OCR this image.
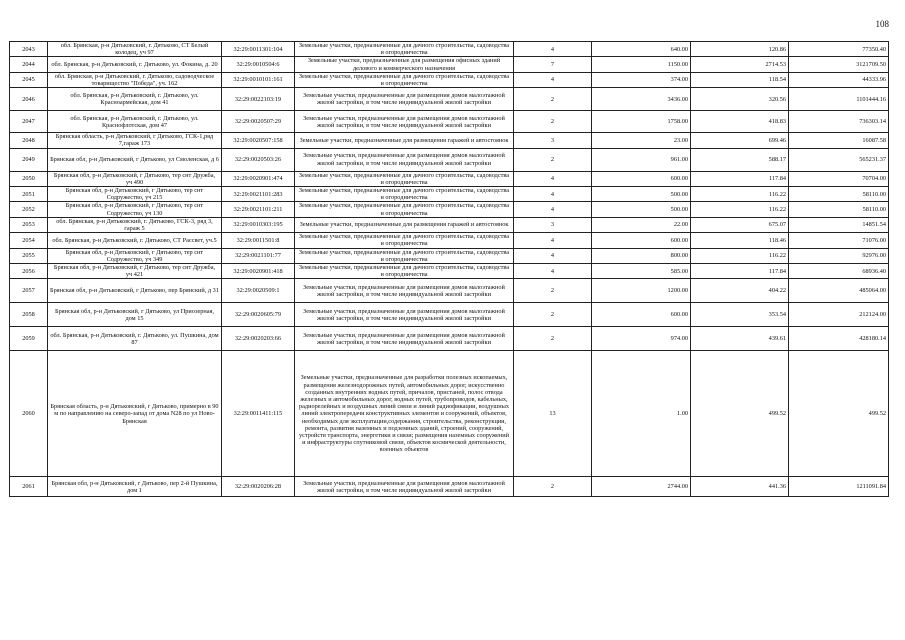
108
2043	обл. Брянская, р-н Дятьковский, г. Дятьково, СТ Белый колодец, уч 97	32:29:0011301:104	Земельные участки, предназначенные для дачного строительства, садоводства и огородничества	4	640.00	120.86	77350.40
2044	обл. Брянская, р-н Дятьковский, г. Дятьково, ул. Фокина, д. 20	32:29:0010504:6	Земельные участки, предназначенные для размещения офисных зданий делового и коммерческого назначения	7	1150.00	2714.53	3121709.50
2045	обл. Брянская, р-н Дятьковский, г. Дятьково, садоводческое товарищество "Победа", уч. 162	32:29:0010101:161	Земельные участки, предназначенные для дачного строительства, садоводства и огородничества	4	374.00	118.54	44333.96
2046	обл. Брянская, р-н Дятьковский, г. Дятьково, ул. Красноармейская, дом 41	32:29:0022103:19	Земельные участки, предназначенные для размещения домов малоэтажной жилой застройки, в том числе индивидуальной жилой застройки	2	3436.00	320.56	1101444.16
2047	обл. Брянская, р-н Дятьковский, г. Дятьково, ул. Краснофлотская, дом 47	32:29:0020507:29	Земельные участки, предназначенные для размещения домов малоэтажной жилой застройки, в том числе индивидуальной жилой застройки	2	1758.00	418.83	736303.14
2048	Брянская область, р-н Дятьковский, г Дятьково, ГСК-1,ряд 7,гараж 173	32:29:0020507:158	Земельные участки, предназначенные для размещения гаражей и автостоянок	3	23.00	699.46	16087.58
2049	Брянская обл, р-н Дятьковский, г Дятьково, ул Смоленская, д 6	32:29:0020503:26	Земельные участки, предназначенные для размещения домов малоэтажной жилой застройки, в том числе индивидуальной жилой застройки	2	961.00	588.17	565231.37
2050	Брянская обл, р-н Дятьковский, г Дятьково, тер снт Дружба, уч 490	32:29:0020901:474	Земельные участки, предназначенные для дачного строительства, садоводства и огородничества	4	600.00	117.84	70704.00
2051	Брянская обл, р-н Дятьковский, г Дятьково, тер снт Содружество, уч 215	32:29:0021101:283	Земельные участки, предназначенные для дачного строительства, садоводства и огородничества	4	500.00	116.22	58110.00
2052	Брянская обл, р-н Дятьковский, г Дятьково, тер снт Содружество, уч 130	32:29:0021101:211	Земельные участки, предназначенные для дачного строительства, садоводства и огородничества	4	500.00	116.22	58110.00
2053	обл. Брянская, р-н Дятьковский, г. Дятьково, ГСК-3, ряд 3, гараж 5	32:29:0010303:195	Земельные участки, предназначенные для размещения гаражей и автостоянок	3	22.00	675.07	14851.54
2054	обл. Брянская, р-н Дятьковский, г. Дятьково, СТ Рассвет, уч.5	32:29:0011501:8	Земельные участки, предназначенные для дачного строительства, садоводства и огородничества	4	600.00	118.46	71076.00
2055	Брянская обл, р-н Дятьковский, г Дятьково, тер снт Содружество, уч 349	32:29:0021101:77	Земельные участки, предназначенные для дачного строительства, садоводства и огородничества	4	800.00	116.22	92976.00
2056	Брянская обл, р-н Дятьковский, г Дятьково, тер снт Дружба, уч 421	32:29:0020901:418	Земельные участки, предназначенные для дачного строительства, садоводства и огородничества	4	585.00	117.84	68936.40
2057	Брянская обл, р-н Дятьковский, г Дятьково, пер Брянский, д 31	32:29:0020509:1	Земельные участки, предназначенные для размещения домов малоэтажной жилой застройки, в том числе индивидуальной жилой застройки	2	1200.00	404.22	485064.00
2058	Брянская обл, р-н Дятьковский, г Дятьково, ул Приозерная, дом 15	32:29:0020605:79	Земельные участки, предназначенные для размещения домов малоэтажной жилой застройки, в том числе индивидуальной жилой застройки	2	600.00	353.54	212124.00
2059	обл. Брянская, р-н Дятьковский, г. Дятьково, ул. Пушкина, дом 87	32:29:0020203:66	Земельные участки, предназначенные для размещения домов малоэтажной жилой застройки, в том числе индивидуальной жилой застройки	2	974.00	439.61	428180.14
2060	Брянская область, р-н Дятьковский, г Дятьково, примерно в 90 м по направлению на северо-запад от дома N28 по ул Ново-Брянская	32:29:0011411:115	Земельные участки, предназначенные для разработки полезных ископаемых, размещения железнодорожных путей, автомобильных дорог, искусственно созданных внутренних водных путей, причалов, пристаней, полос отвода железных и автомобильных дорог, водных путей, трубопроводов, кабельных, радиорелейных и воздушных линий связи и линий радиофикации, воздушных линий электропередачи конструктивных элементов и сооружений, объектов, необходимых для эксплуатации,содержания, строительства, реконструкции, ремонта, развития наземных и подземных зданий, строений, сооружений, устройств транспорта, энергетики и связи; размещения наземных сооружений и инфраструктуры спутниковой связи, объектов космической деятельности, военных объектов	13	1.00	499.52	499.52
2061	Брянская обл, р-н Дятьковский, г Дятьково, пер 2-й Пушкина, дом 1	32:29:0020206:28	Земельные участки, предназначенные для размещения домов малоэтажной жилой застройки, в том числе индивидуальной жилой застройки	2	2744.00	441.36	1211091.84
